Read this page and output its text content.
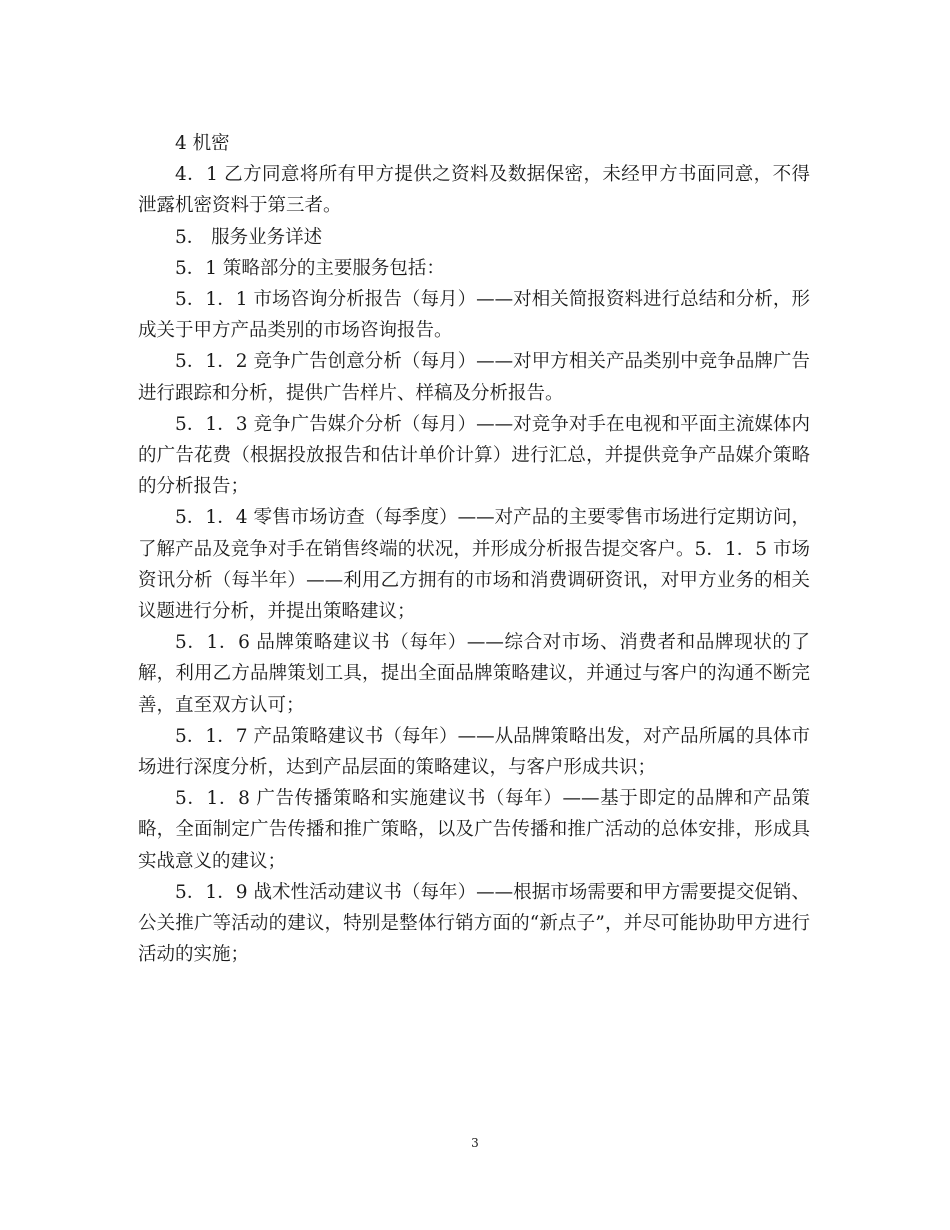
4 机密

4．1 乙方同意将所有甲方提供之资料及数据保密，未经甲方书面同意，不得泄露机密资料于第三者。

5． 服务业务详述

5．1 策略部分的主要服务包括：

5．1．1 市场咨询分析报告（每月）——对相关简报资料进行总结和分析，形成关于甲方产品类别的市场咨询报告。

5．1．2 竞争广告创意分析（每月）——对甲方相关产品类别中竞争品牌广告进行跟踪和分析，提供广告样片、样稿及分析报告。

5．1．3 竞争广告媒介分析（每月）——对竞争对手在电视和平面主流媒体内的广告花费（根据投放报告和估计单价计算）进行汇总，并提供竞争产品媒介策略的分析报告；

5．1．4 零售市场访查（每季度）——对产品的主要零售市场进行定期访问，了解产品及竞争对手在销售终端的状况，并形成分析报告提交客户。5．1．5 市场资讯分析（每半年）——利用乙方拥有的市场和消费调研资讯，对甲方业务的相关议题进行分析，并提出策略建议；

5．1．6 品牌策略建议书（每年）——综合对市场、消费者和品牌现状的了解，利用乙方品牌策划工具，提出全面品牌策略建议，并通过与客户的沟通不断完善，直至双方认可；

5．1．7 产品策略建议书（每年）——从品牌策略出发，对产品所属的具体市场进行深度分析，达到产品层面的策略建议，与客户形成共识；

5．1．8 广告传播策略和实施建议书（每年）——基于即定的品牌和产品策略，全面制定广告传播和推广策略，以及广告传播和推广活动的总体安排，形成具实战意义的建议；

5．1．9 战术性活动建议书（每年）——根据市场需要和甲方需要提交促销、公关推广等活动的建议，特别是整体行销方面的“新点子”，并尽可能协助甲方进行活动的实施；

3
